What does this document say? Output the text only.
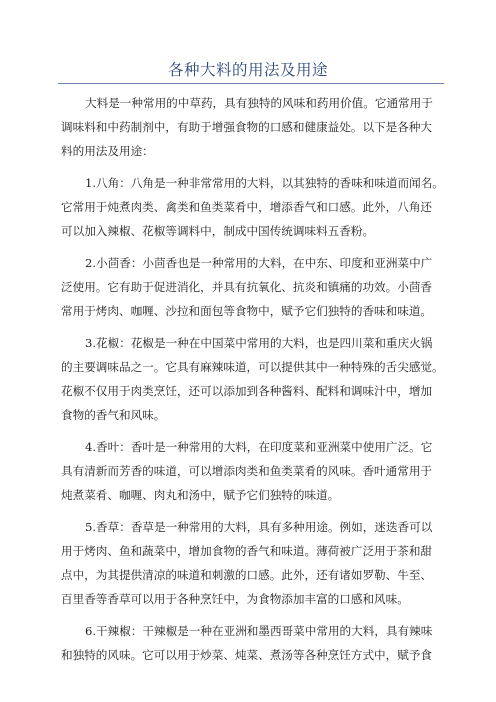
各种大料的用法及用途
大料是一种常用的中草药，具有独特的风味和药用价值。它通常用于
调味料和中药制剂中，有助于增强食物的口感和健康益处。以下是各种大
料的用法及用途：
1.八角：八角是一种非常常用的大料，以其独特的香味和味道而闻名。
它常用于炖煮肉类、禽类和鱼类菜肴中，增添香气和口感。此外，八角还
可以加入辣椒、花椒等调料中，制成中国传统调味料五香粉。
2.小茴香：小茴香也是一种常用的大料，在中东、印度和亚洲菜中广
泛使用。它有助于促进消化，并具有抗氧化、抗炎和镇痛的功效。小茴香
常用于烤肉、咖喱、沙拉和面包等食物中，赋予它们独特的香味和味道。
3.花椒：花椒是一种在中国菜中常用的大料，也是四川菜和重庆火锅
的主要调味品之一。它具有麻辣味道，可以提供其中一种特殊的舌尖感觉。
花椒不仅用于肉类烹饪，还可以添加到各种酱料、配料和调味汁中，增加
食物的香气和风味。
4.香叶：香叶是一种常用的大料，在印度菜和亚洲菜中使用广泛。它
具有清新而芳香的味道，可以增添肉类和鱼类菜肴的风味。香叶通常用于
炖煮菜肴、咖喱、肉丸和汤中，赋予它们独特的味道。
5.香草：香草是一种常用的大料，具有多种用途。例如，迷迭香可以
用于烤肉、鱼和蔬菜中，增加食物的香气和味道。薄荷被广泛用于茶和甜
点中，为其提供清凉的味道和刺激的口感。此外，还有诸如罗勒、牛至、
百里香等香草可以用于各种烹饪中，为食物添加丰富的口感和风味。
6.干辣椒：干辣椒是一种在亚洲和墨西哥菜中常用的大料，具有辣味
和独特的风味。它可以用于炒菜、炖菜、煮汤等各种烹饪方式中，赋予食
